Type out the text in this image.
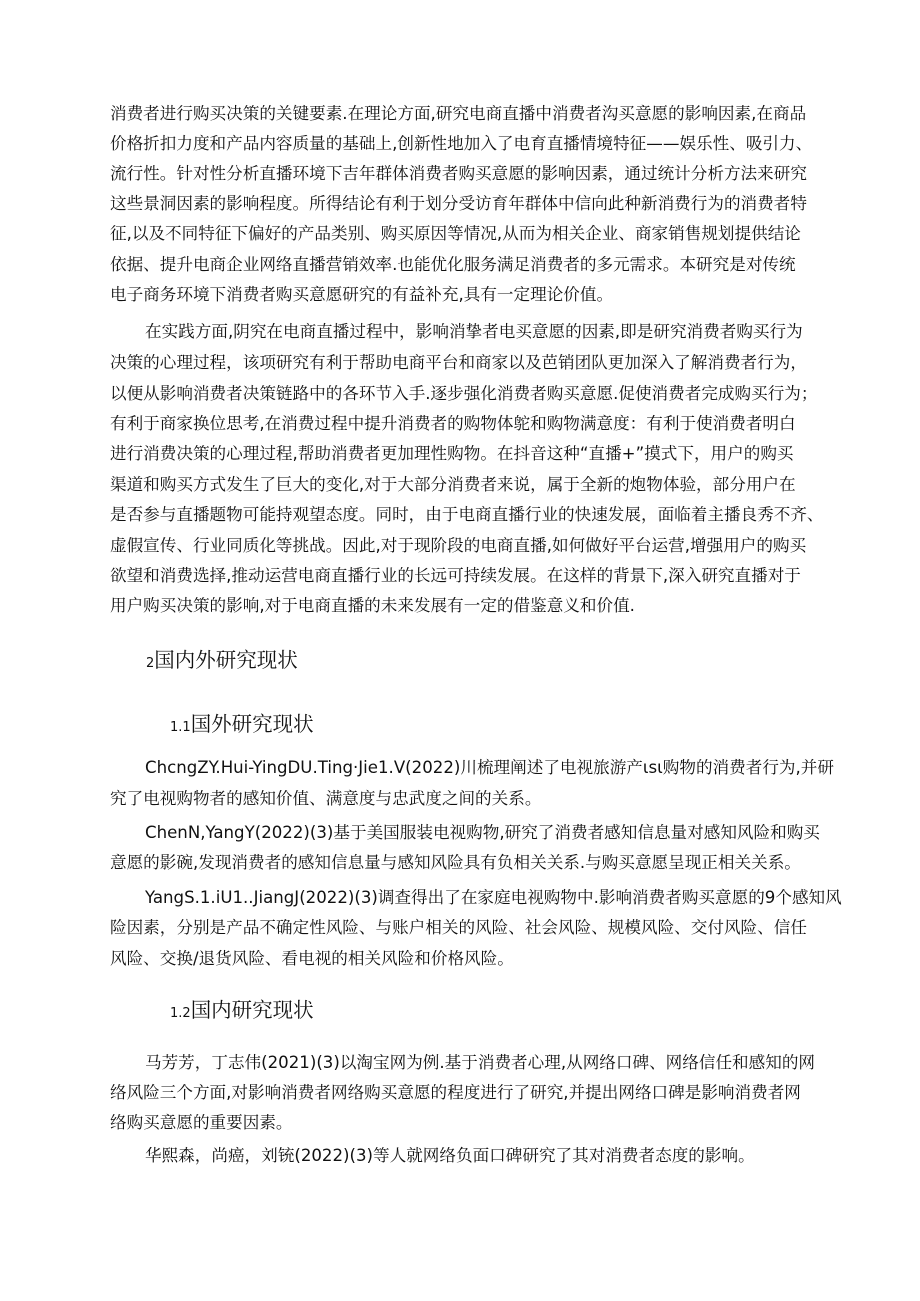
消费者进行购买决策的关键要素.在理论方面,研究电商直播中消费者沟买意愿的影响因素,在商品
价格折扣力度和产品内容质量的基础上,创新性地加入了电育直播情境特征——娱乐性、吸引力、
流行性。针对性分析直播环境下吉年群体消费者购买意愿的影响因素，通过统计分析方法来研究
这些景洞因素的影响程度。所得结论有利于划分受访育年群体中信向此种新消费行为的消费者特
征,以及不同特征下偏好的产品类别、购买原因等情况,从而为相关企业、商家销售规划提供结论
依据、提升电商企业网络直播营销效率.也能优化服务满足消费者的多元需求。本研究是对传统
电子商务环境下消费者购买意愿研究的有益补充,具有一定理论价值。
在实践方面,阴究在电商直播过程中，影响消挚者电买意愿的因素,即是研究消费者购买行为
决策的心理过程，该项研究有利于帮助电商平台和商家以及芭销团队更加深入了解消费者行为，
以便从影响消费者决策链路中的各环节入手.逐步强化消费者购买意愿.促使消费者完成购买行为；
有利于商家换位思考,在消费过程中提升消费者的购物体鸵和购物满意度：有利于使消费者明白
进行消费决策的心理过程,帮助消费者更加理性购物。在抖音这种“直播+”摸式下，用户的购买
渠道和购买方式发生了巨大的变化,对于大部分消费者来说，属于全新的炮物体验，部分用户在
是否参与直播题物可能持观望态度。同时，由于电商直播行业的快速发展，面临着主播良秀不齐、
虚假宣传、行业同质化等挑战。因此,对于现阶段的电商直播,如何做好平台运营,增强用户的购买
欲望和消费选择,推动运营电商直播行业的长远可持续发展。在这样的背景下,深入研究直播对于
用户购买决策的影响,对于电商直播的未来发展有一定的借鉴意义和价值.
2国内外研究现状
1.1国外研究现状
ChcngZY.Hui-YingDU.Ting·Jie1.V(2022)川梳理阐述了电视旅游产ιsι购物的消费者行为,并研
究了电视购物者的感知价值、满意度与忠武度之间的关系。
ChenN,YangY(2022)(3)基于美国服装电视购物,研究了消费者感知信息量对感知风险和购买
意愿的影碗,发现消费者的感知信息量与感知风险具有负相关关系.与购买意愿呈现正相关关系。
YangS.1.iU1..JiangJ(2022)(3)调查得出了在家庭电视购物中.影响消费者购买意愿的9个感知风
险因素，分别是产品不确定性风险、与账户相关的风险、社会风险、规模风险、交付风险、信任
风险、交换/退货风险、看电视的相关风险和价格风险。
1.2国内研究现状
马芳芳，丁志伟(2021)(3)以淘宝网为例.基于消费者心理,从网络口碑、网络信任和感知的网
络风险三个方面,对影响消费者网络购买意愿的程度进行了研究,并提出网络口碑是影响消费者网
络购买意愿的重要因素。
华熙森，尚癌，刘铳(2022)(3)等人就网络负面口碑研究了其对消费者态度的影响。
